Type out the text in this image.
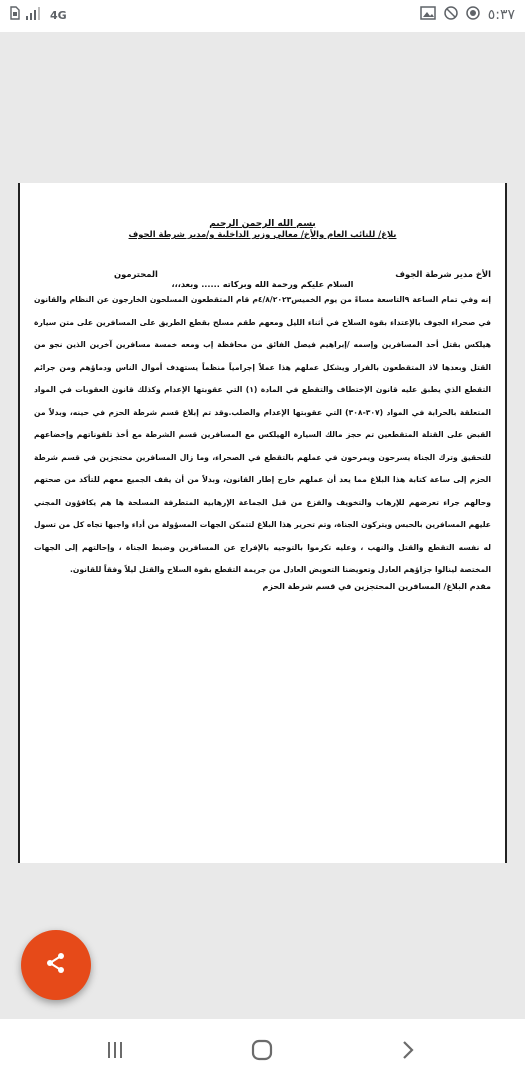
4G	٥:٣٧

بسم الله الرحمن الرحيم

بلاغ/ للنائب العام والأخ/ معالي وزير الداخلية و/مدير شرطة الجوف

الأخ مدير شرطة الجوف
المحترمون

السلام عليكم ورحمة الله وبركاته ...... وبعد،،،

إنه وفي تمام الساعة ٩التاسعة مساءً من يوم الخميس٤/٨/٢٠٢٣م قام المتقطعون المسلحون الخارجون عن النظام والقانون في صحراء الجوف بالإعتداء بقوة السلاح في أثناء الليل ومعهم طقم مسلح بقطع الطريق على المسافرين على متن سيارة هيلكس بقتل أحد المسافرين وإسمه /إبراهيم فيصل الفائق من محافظة إب ومعه خمسة مسافرين آخرين الذين نجو من القتل وبعدها لاذ المتقطعون بالفرار ويشكل عملهم هذا عملاً إجرامياً منظماً يستهدف أموال الناس ودماؤهم ومن جرائم التقطع الذي يطبق عليه قانون الإختطاف والتقطع في المادة (١) التي عقوبتها الإعدام وكذلك قانون العقوبات في المواد المتعلقة بالحرابة في المواد (٣٠٧-٣٠٨) التي عقوبتها الإعدام والصلب.وقد تم إبلاغ قسم شرطة الحزم في حينه، وبدلاً من القبض على القتلة المتقطعين تم حجز مالك السيارة الهيلكس مع المسافرين قسم الشرطة مع أخذ تلفوناتهم وإخضاعهم للتحقيق وترك الجناة يسرحون ويمرحون في عملهم بالتقطع في الصحراء، وما زال المسافرين محتجزين في قسم شرطة الحزم إلى ساعة كتابة هذا البلاغ مما يعد أن عملهم خارج إطار القانون، وبدلاً من أن يقف الجميع معهم للتأكد من صحتهم وحالهم جراء تعرضهم للإرهاب والتخويف والفزع من قبل الجماعة الإرهابية المتطرفة المسلحة ها هم يكافؤون المجني عليهم المسافرين بالحبس ويتركون الجناة، وتم تحرير هذا البلاغ لتتمكن الجهات المسؤولة من أداء واجبها تجاه كل من تسول له نفسه التقطع والقتل والنهب ، وعليه تكرموا بالتوجيه بالإفراج عن المسافرين وضبط الجناة ، وإحالتهم إلى الجهات المختصة لينالوا جزاؤهم العادل وتعويضنا التعويض العادل من جريمة التقطع بقوة السلاح والقتل ليلاً وفقاً للقانون.

مقدم البلاغ/ المسافرين المحتجزين في قسم شرطة الحزم
